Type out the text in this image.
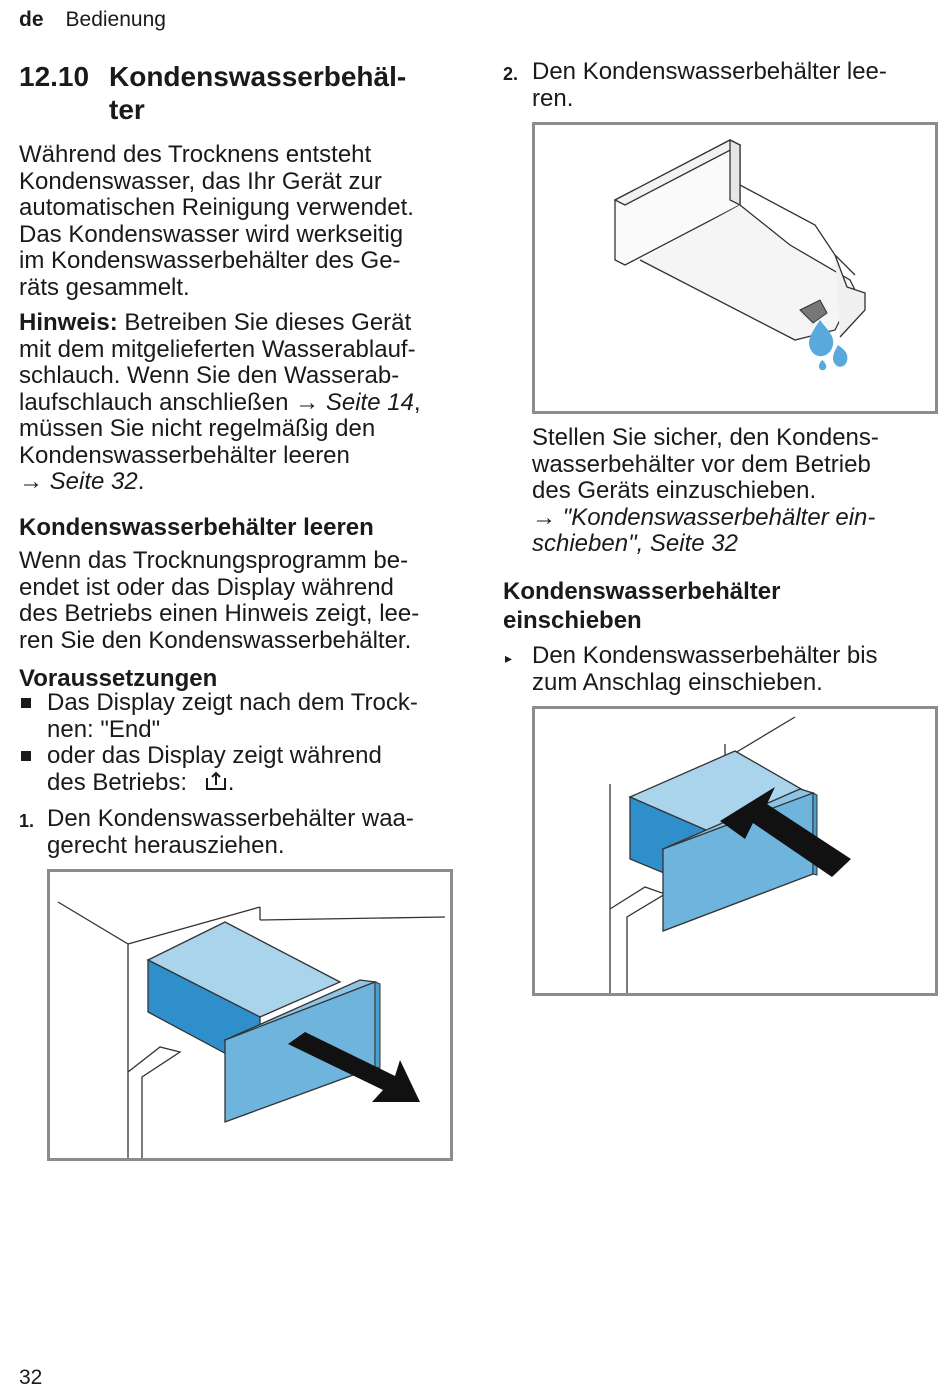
de Bedienung
12.10 Kondenswasserbehäl-
ter
Während des Trocknens entsteht
Kondenswasser, das Ihr Gerät zur
automatischen Reinigung verwendet.
Das Kondenswasser wird werkseitig
im Kondenswasserbehälter des Ge-
räts gesammelt.
Hinweis: Betreiben Sie dieses Gerät
mit dem mitgelieferten Wasserablauf-
schlauch. Wenn Sie den Wasserab-
laufschlauch anschließen → Seite 14,
müssen Sie nicht regelmäßig den
Kondenswasserbehälter leeren
→ Seite 32.
Kondenswasserbehälter leeren
Wenn das Trocknungsprogramm be-
endet ist oder das Display während
des Betriebs einen Hinweis zeigt, lee-
ren Sie den Kondenswasserbehälter.
Voraussetzungen
Das Display zeigt nach dem Trock-
nen: "End"
oder das Display zeigt während
des Betriebs: .
1. Den Kondenswasserbehälter waa-
gerecht herausziehen.
2. Den Kondenswasserbehälter lee-
ren.
Stellen Sie sicher, den Kondens-
wasserbehälter vor dem Betrieb
des Geräts einzuschieben.
→ "Kondenswasserbehälter ein-
schieben", Seite 32
Kondenswasserbehälter
einschieben
▸ Den Kondenswasserbehälter bis
zum Anschlag einschieben.
32
